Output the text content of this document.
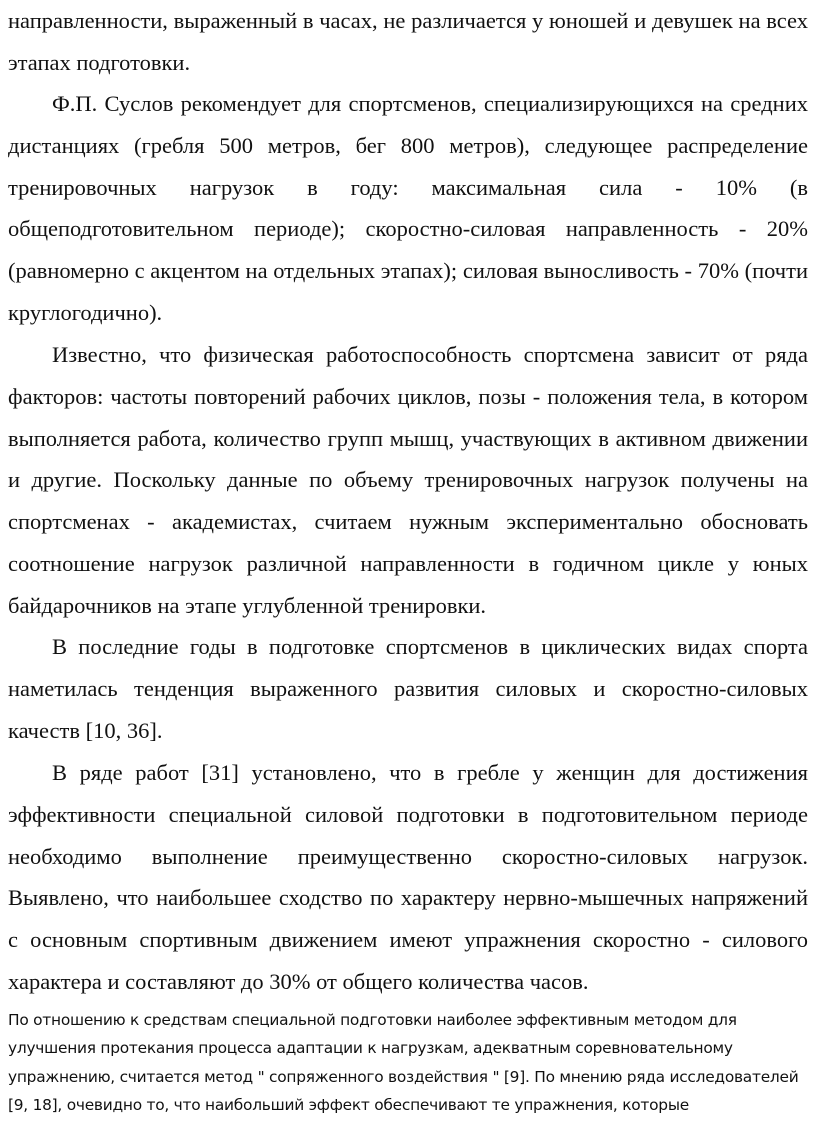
направленности, выраженный в часах, не различается у юношей и девушек на всех этапах подготовки.

Ф.П. Суслов рекомендует для спортсменов, специализирующихся на средних дистанциях (гребля 500 метров, бег 800 метров), следующее распределение тренировочных нагрузок в году: максимальная сила - 10% (в общеподготовительном периоде); скоростно-силовая направленность - 20% (равномерно с акцентом на отдельных этапах); силовая выносливость - 70% (почти круглогодично).

Известно, что физическая работоспособность спортсмена зависит от ряда факторов: частоты повторений рабочих циклов, позы - положения тела, в котором выполняется работа, количество групп мышц, участвующих в активном движении и другие. Поскольку данные по объему тренировочных нагрузок получены на спортсменах - академистах, считаем нужным экспериментально обосновать соотношение нагрузок различной направленности в годичном цикле у юных байдарочников на этапе углубленной тренировки.

В последние годы в подготовке спортсменов в циклических видах спорта наметилась тенденция выраженного развития силовых и скоростно-силовых качеств [10, 36].

В ряде работ [31] установлено, что в гребле у женщин для достижения эффективности специальной силовой подготовки в подготовительном периоде необходимо выполнение преимущественно скоростно-силовых нагрузок. Выявлено, что наибольшее сходство по характеру нервно-мышечных напряжений с основным спортивным движением имеют упражнения скоростно - силового характера и составляют до 30% от общего количества часов.

По отношению к средствам специальной подготовки наиболее эффективным методом для улучшения протекания процесса адаптации к нагрузкам, адекватным соревновательному упражнению, считается метод " сопряженного воздействия " [9]. По мнению ряда исследователей [9, 18], очевидно то, что наибольший эффект обеспечивают те упражнения, которые
